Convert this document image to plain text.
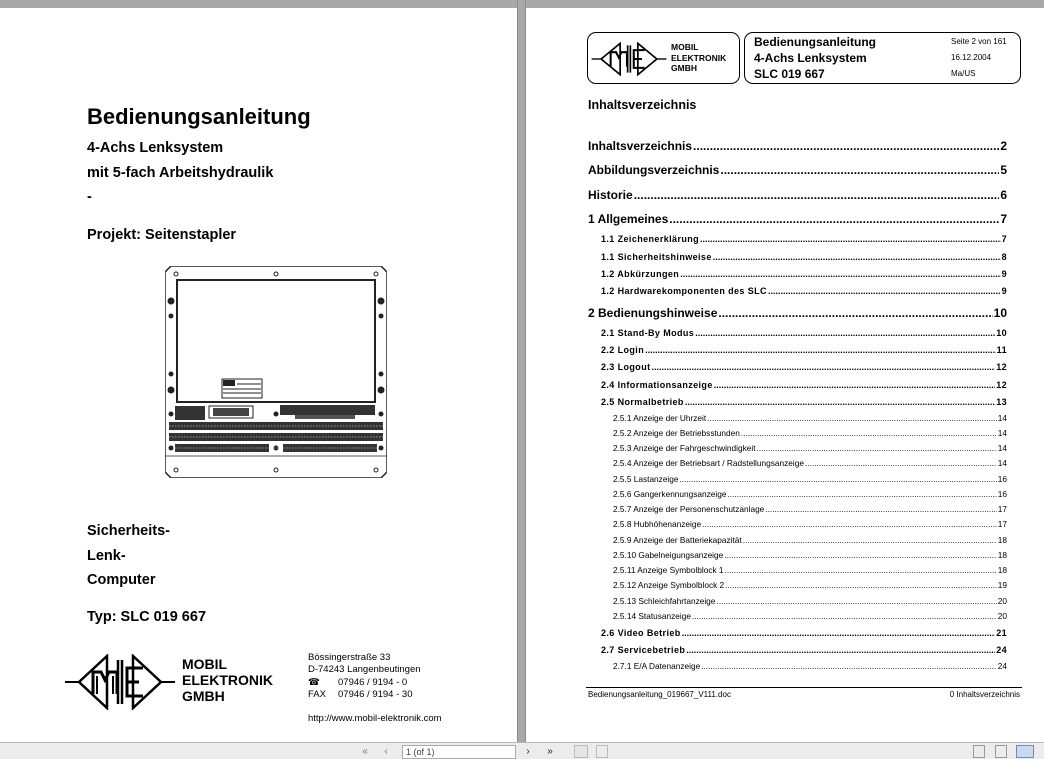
Bedienungsanleitung
4-Achs Lenksystem
mit 5-fach Arbeitshydraulik
-
Projekt: Seitenstapler
Sicherheits-
Lenk-
Computer
Typ: SLC 019 667
MOBIL
ELEKTRONIK
GMBH
Bössingerstraße 33
D-74243 Langenbeutingen
☎ 07946 / 9194 - 0
FAX 07946 / 9194 - 30
http://www.mobil-elektronik.com
MOBIL
ELEKTRONIK
GMBH
Bedienungsanleitung
4-Achs Lenksystem
SLC 019 667
Seite 2 von 161
16.12.2004
Ma/US
Inhaltsverzeichnis
Inhaltsverzeichnis .....	2
Abbildungsverzeichnis .....	5
Historie .....	6
1 Allgemeines .....	7
1.1 Zeichenerklärung .....	7
1.1 Sicherheitshinweise .....	8
1.2 Abkürzungen .....	9
1.2 Hardwarekomponenten des SLC .....	9
2 Bedienungshinweise .....	10
2.1 Stand-By Modus .....	10
2.2 Login .....	11
2.3 Logout .....	12
2.4 Informationsanzeige .....	12
2.5 Normalbetrieb .....	13
2.5.1 Anzeige der Uhrzeit .....	14
2.5.2 Anzeige der Betriebsstunden .....	14
2.5.3 Anzeige der Fahrgeschwindigkeit .....	14
2.5.4 Anzeige der Betriebsart / Radstellungsanzeige .....	14
2.5.5 Lastanzeige .....	16
2.5.6 Gangerkennungsanzeige .....	16
2.5.7 Anzeige der Personenschutzanlage .....	17
2.5.8 Hubhöhenanzeige .....	17
2.5.9 Anzeige der Batteriekapazität .....	18
2.5.10 Gabelneigungsanzeige .....	18
2.5.11 Anzeige Symbolblock 1 .....	18
2.5.12 Anzeige Symbolblock 2 .....	19
2.5.13 Schleichfahrtanzeige .....	20
2.5.14 Statusanzeige .....	20
2.6 Video Betrieb .....	21
2.7 Servicebetrieb .....	24
2.7.1 E/A Datenanzeige .....	24
Bedienungsanleitung_019667_V111.doc	0 Inhaltsverzeichnis
«	‹	1 (of 1)	›	»
